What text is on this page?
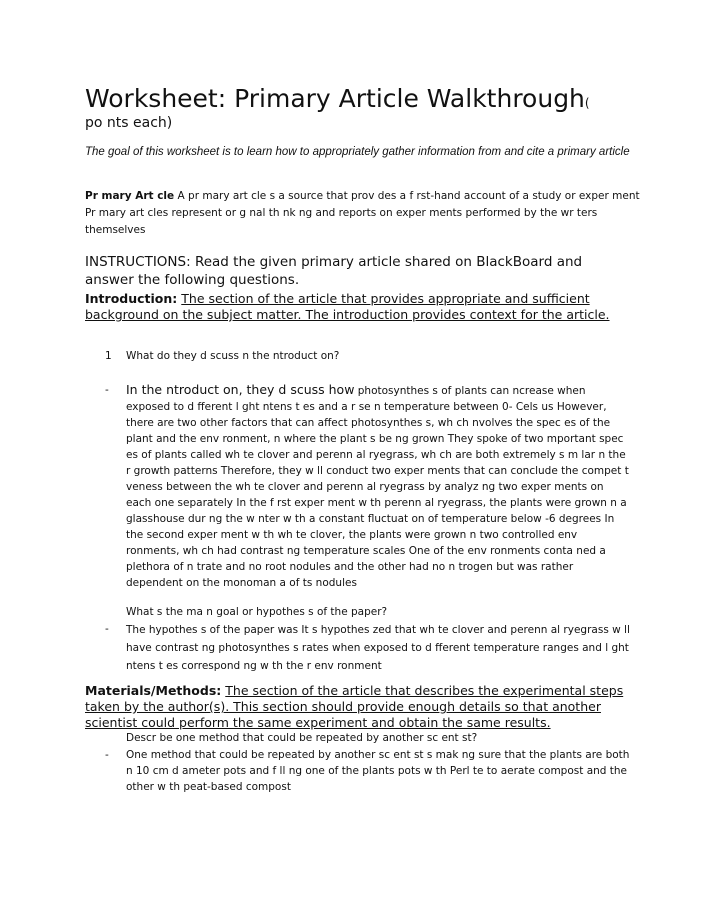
Worksheet: Primary Article Walkthrough(
po nts each)
The goal of this worksheet is to learn how to appropriately gather information from and cite a primary article
Pr mary Art cle A pr mary art cle s a source that prov des a f rst-hand account of a study or exper ment Pr mary art cles represent or g nal th nk ng and reports on exper ments performed by the wr ters themselves
INSTRUCTIONS: Read the given primary article shared on BlackBoard and answer the following questions.
Introduction: The section of the article that provides appropriate and sufficient background on the subject matter. The introduction provides context for the article.
1 What do they d scuss n the ntroduct on?
- In the ntroduct on, they d scuss how photosynthes s of plants can ncrease when exposed to d fferent l ght ntens t es and a r se n temperature between 0- Cels us However, there are two other factors that can affect photosynthes s, wh ch nvolves the spec es of the plant and the env ronment, n where the plant s be ng grown They spoke of two mportant spec es of plants called wh te clover and perenn al ryegrass, wh ch are both extremely s m lar n the r growth patterns Therefore, they w ll conduct two exper ments that can conclude the compet t veness between the wh te clover and perenn al ryegrass by analyz ng two exper ments on each one separately In the f rst exper ment w th perenn al ryegrass, the plants were grown n a glasshouse dur ng the w nter w th a constant fluctuat on of temperature below -6 degrees In the second exper ment w th wh te clover, the plants were grown n two controlled env ronments, wh ch had contrast ng temperature scales One of the env ronments conta ned a plethora of n trate and no root nodules and the other had no n trogen but was rather dependent on the monoman a of ts nodules
What s the ma n goal or hypothes s of the paper?
- The hypothes s of the paper was It s hypothes zed that wh te clover and perenn al ryegrass w ll have contrast ng photosynthes s rates when exposed to d fferent temperature ranges and l ght ntens t es correspond ng w th the r env ronment
Materials/Methods: The section of the article that describes the experimental steps taken by the author(s). This section should provide enough details so that another scientist could perform the same experiment and obtain the same results.
Descr be one method that could be repeated by another sc ent st?
- One method that could be repeated by another sc ent st s mak ng sure that the plants are both n 10 cm d ameter pots and f ll ng one of the plants pots w th Perl te to aerate compost and the other w th peat-based compost
